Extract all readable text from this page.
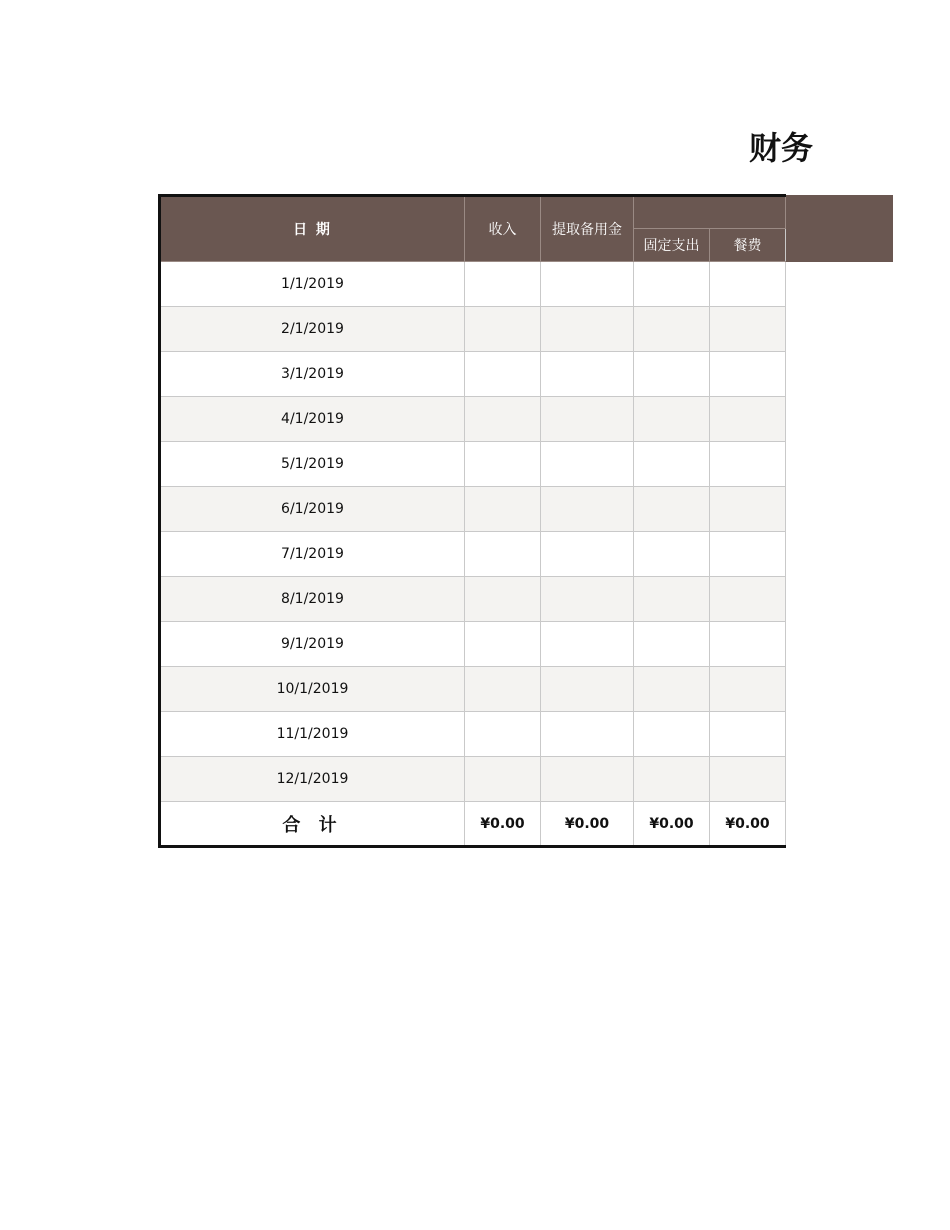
财务
日 期	收入	提取备用金		
			固定支出	餐费
1/1/2019				
2/1/2019				
3/1/2019				
4/1/2019				
5/1/2019				
6/1/2019				
7/1/2019				
8/1/2019				
9/1/2019				
10/1/2019				
11/1/2019				
12/1/2019				
合 计	¥0.00	¥0.00	¥0.00	¥0.00
